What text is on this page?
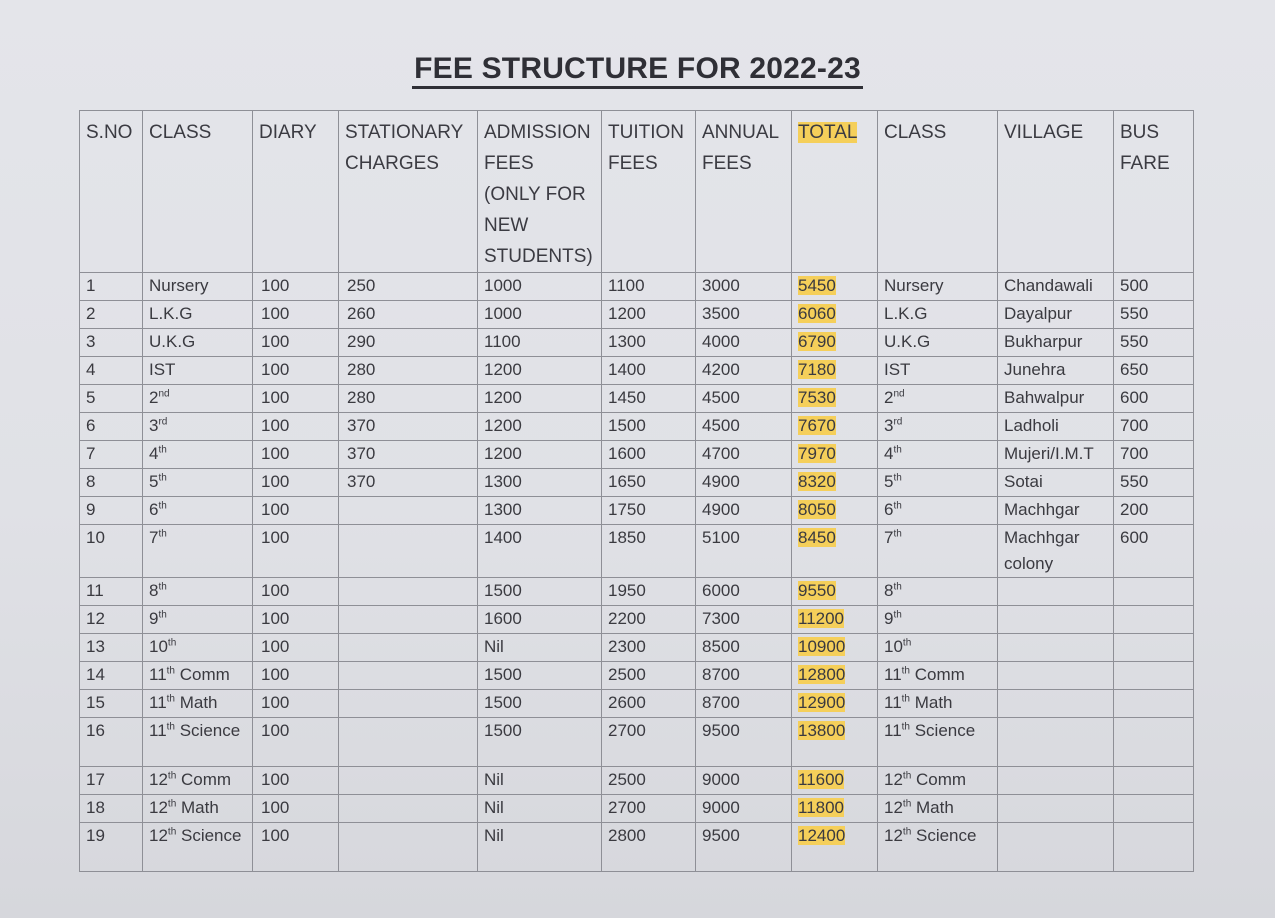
FEE STRUCTURE FOR 2022-23
S.NO	CLASS	DIARY	STATIONARY CHARGES	ADMISSION FEES (ONLY FOR NEW STUDENTS)	TUITION FEES	ANNUAL FEES	TOTAL	CLASS	VILLAGE	BUS FARE
1	Nursery	100	250	1000	1100	3000	5450	Nursery	Chandawali	500
2	L.K.G	100	260	1000	1200	3500	6060	L.K.G	Dayalpur	550
3	U.K.G	100	290	1100	1300	4000	6790	U.K.G	Bukharpur	550
4	IST	100	280	1200	1400	4200	7180	IST	Junehra	650
5	2nd	100	280	1200	1450	4500	7530	2nd	Bahwalpur	600
6	3rd	100	370	1200	1500	4500	7670	3rd	Ladholi	700
7	4th	100	370	1200	1600	4700	7970	4th	Mujeri/I.M.T	700
8	5th	100	370	1300	1650	4900	8320	5th	Sotai	550
9	6th	100		1300	1750	4900	8050	6th	Machhgar	200
10	7th	100		1400	1850	5100	8450	7th	Machhgar colony	600
11	8th	100		1500	1950	6000	9550	8th		
12	9th	100		1600	2200	7300	11200	9th		
13	10th	100		Nil	2300	8500	10900	10th		
14	11th Comm	100		1500	2500	8700	12800	11th Comm		
15	11th Math	100		1500	2600	8700	12900	11th Math		
16	11th Science	100		1500	2700	9500	13800	11th Science		
17	12th Comm	100		Nil	2500	9000	11600	12th Comm		
18	12th Math	100		Nil	2700	9000	11800	12th Math		
19	12th Science	100		Nil	2800	9500	12400	12th Science		
